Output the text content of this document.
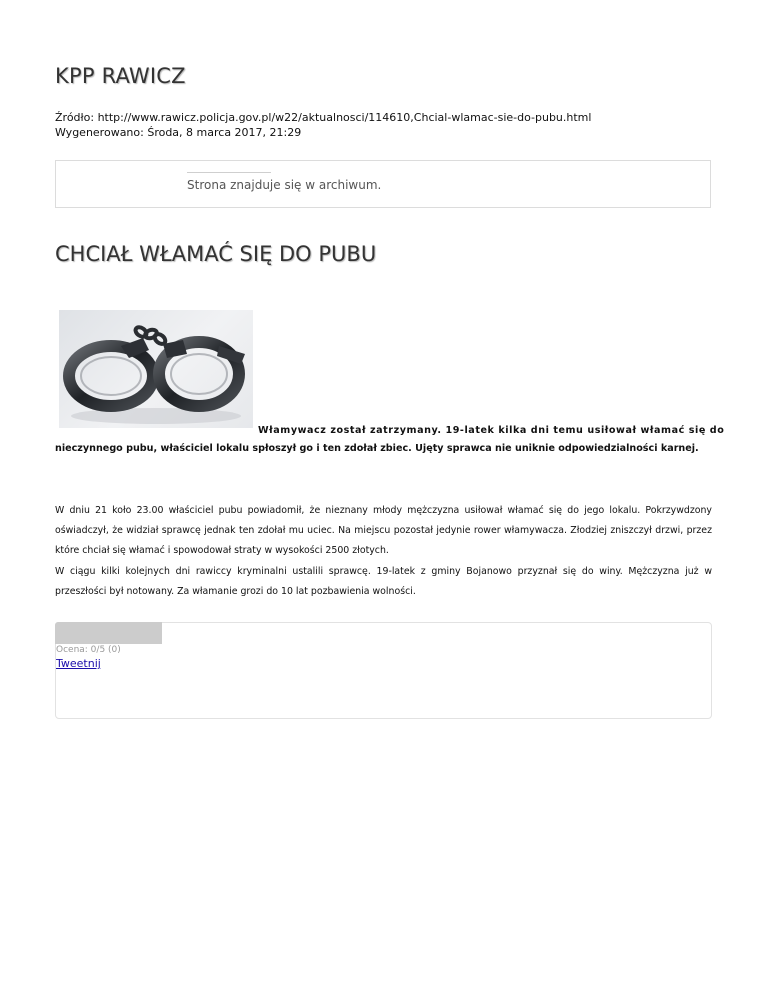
KPP RAWICZ
Źródło: http://www.rawicz.policja.gov.pl/w22/aktualnosci/114610,Chcial-wlamac-sie-do-pubu.html
Wygenerowano: Środa, 8 marca 2017, 21:29
Strona znajduje się w archiwum.
CHCIAŁ WŁAMAĆ SIĘ DO PUBU
Włamywacz został zatrzymany. 19-latek kilka dni temu usiłował włamać się do
nieczynnego pubu, właściciel lokalu spłoszył go i ten zdołał zbiec. Ujęty sprawca nie uniknie odpowiedzialności karnej.

W dniu 21 koło 23.00 właściciel pubu powiadomił, że nieznany młody mężczyzna usiłował włamać się do jego lokalu. Pokrzywdzony oświadczył, że widział sprawcę jednak ten zdołał mu uciec. Na miejscu pozostał jedynie rower włamywacza. Złodziej zniszczył drzwi, przez które chciał się włamać i spowodował straty w wysokości 2500 złotych.

W ciągu kilki kolejnych dni rawiccy kryminalni ustalili sprawcę. 19-latek z gminy Bojanowo przyznał się do winy. Mężczyzna już w przeszłości był notowany. Za włamanie grozi do 10 lat pozbawienia wolności.

Ocena: 0/5 (0)
Tweetnij
